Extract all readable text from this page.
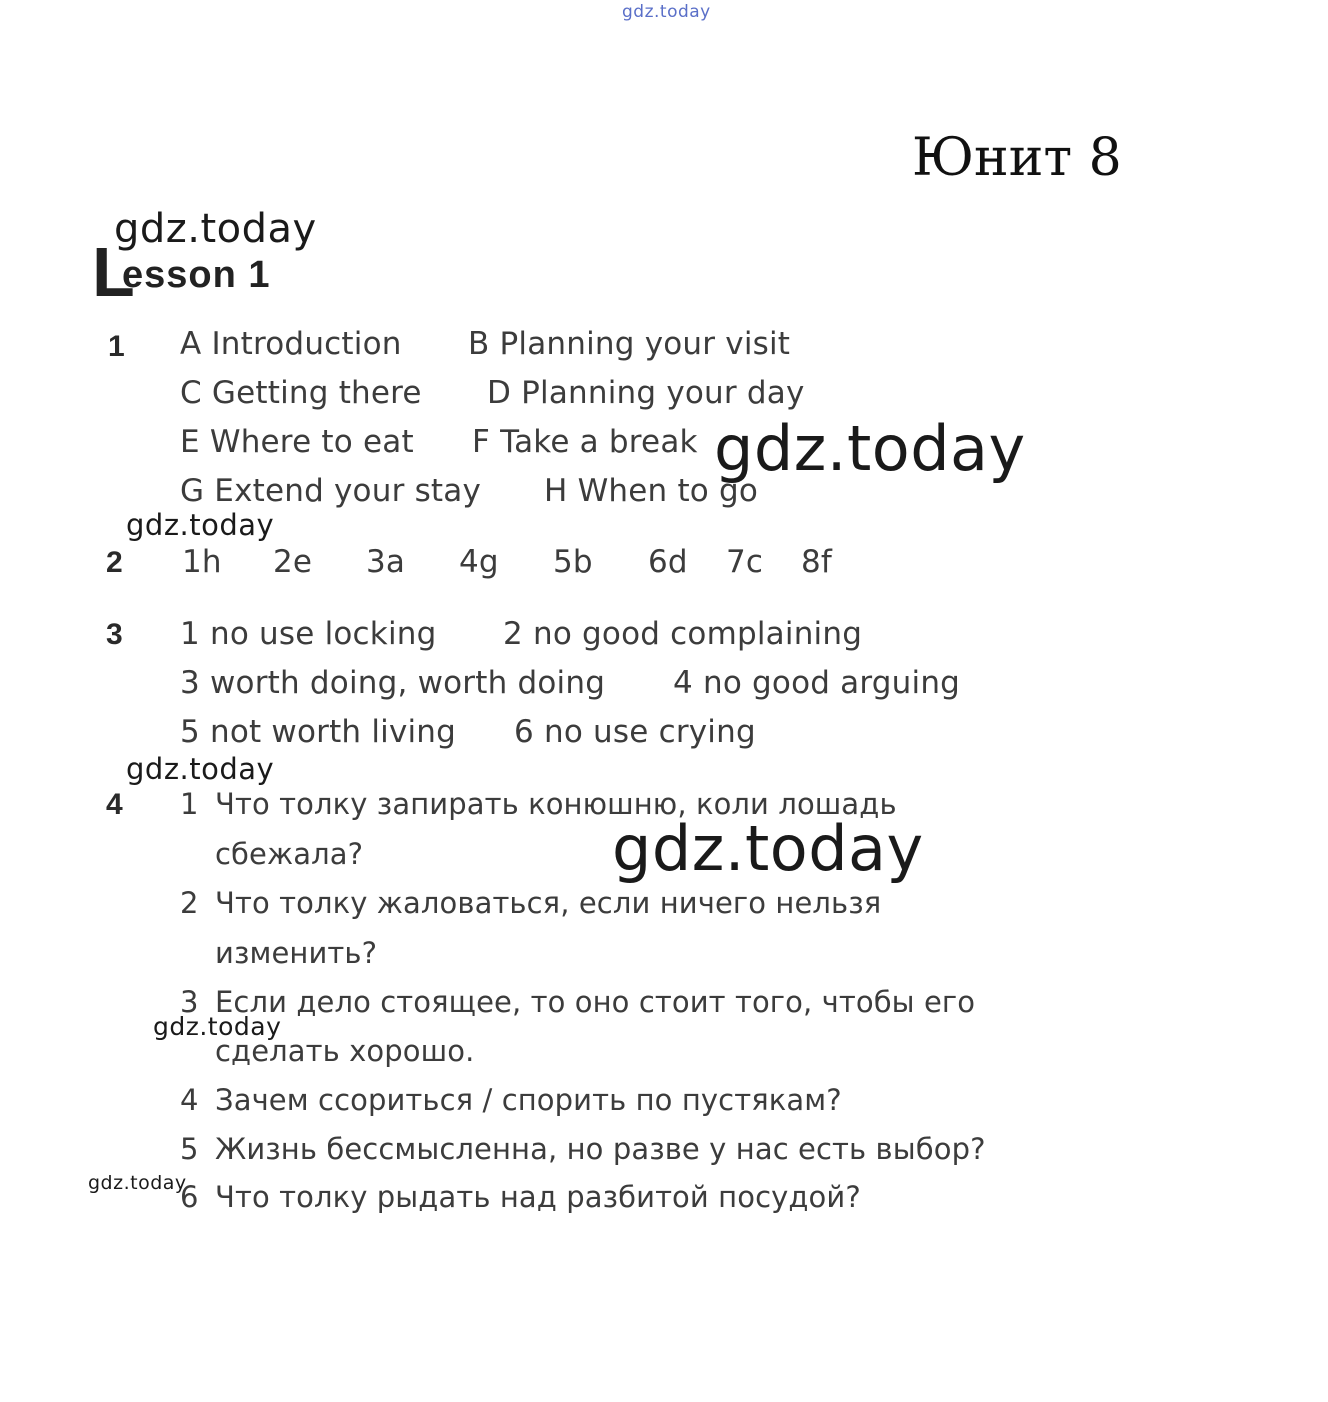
gdz.today
gdz.today
gdz.today
gdz.today
gdz.today
gdz.today
gdz.today
gdz.today
Юнит 8
L
esson 1
1 A Introduction B Planning your visit
C Getting there D Planning your day
E Where to eat F Take a break
G Extend your stay H When to go
2 1h 2e 3a 4g 5b 6d 7c 8f
3 1 no use locking 2 no good complaining
3 worth doing, worth doing 4 no good arguing
5 not worth living 6 no use crying
4 1 Что толку запирать конюшню, коли лошадь
сбежала?
2 Что толку жаловаться, если ничего нельзя
изменить?
3 Если дело стоящее, то оно стоит того, чтобы его
сделать хорошо.
4 Зачем ссориться / спорить по пустякам?
5 Жизнь бессмысленна, но разве у нас есть выбор?
6 Что толку рыдать над разбитой посудой?
